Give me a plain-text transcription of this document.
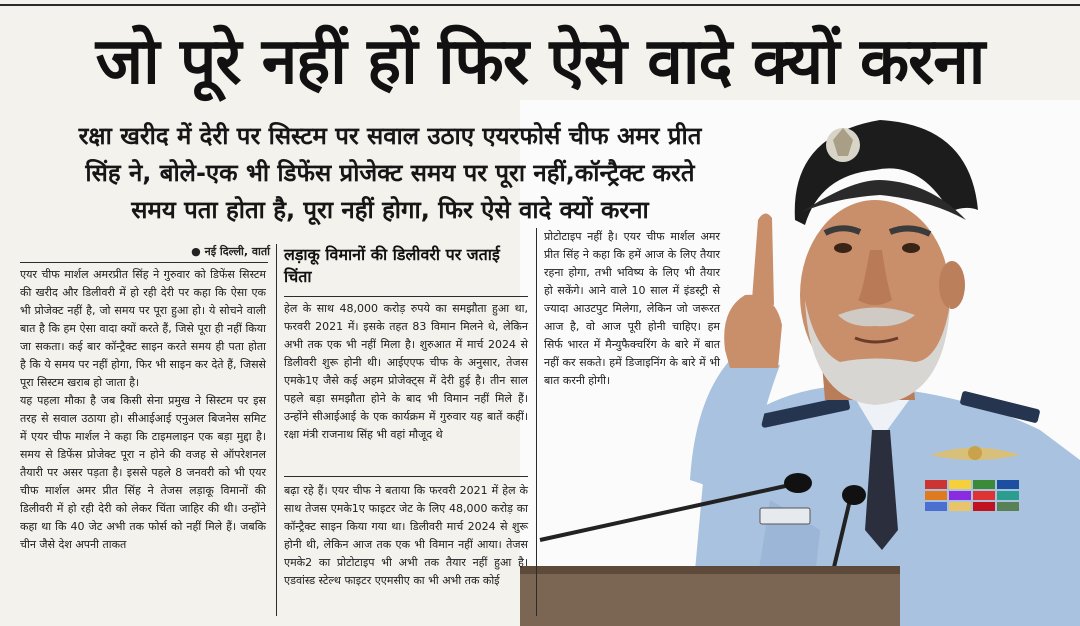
जो पूरे नहीं हों फिर ऐसे वादे क्यों करना
रक्षा खरीद में देरी पर सिस्टम पर सवाल उठाए एयरफोर्स चीफ अमर प्रीत
सिंह ने, बोले-एक भी डिफेंस प्रोजेक्ट समय पर पूरा नहीं,कॉन्ट्रैक्ट करते
समय पता होता है, पूरा नहीं होगा, फिर ऐसे वादे क्यों करना
● नई दिल्ली, वार्ता

एयर चीफ मार्शल अमरप्रीत सिंह ने गुरुवार को डिफेंस सिस्टम की खरीद और डिलीवरी में हो रही देरी पर कहा कि ऐसा एक भी प्रोजेक्ट नहीं है, जो समय पर पूरा हुआ हो। ये सोचने वाली बात है कि हम ऐसा वादा क्यों करते हैं, जिसे पूरा ही नहीं किया जा सकता। कई बार कॉन्ट्रैक्ट साइन करते समय ही पता होता है कि ये समय पर नहीं होगा, फिर भी साइन कर देते हैं, जिससे पूरा सिस्टम खराब हो जाता है।

यह पहला मौका है जब किसी सेना प्रमुख ने सिस्टम पर इस तरह से सवाल उठाया हो। सीआईआई एनुअल बिजनेस समिट में एयर चीफ मार्शल ने कहा कि टाइमलाइन एक बड़ा मुद्दा है। समय से डिफेंस प्रोजेक्ट पूरा न होने की वजह से ऑपरेशनल तैयारी पर असर पड़ता है। इससे पहले 8 जनवरी को भी एयर चीफ मार्शल अमर प्रीत सिंह ने तेजस लड़ाकू विमानों की डिलीवरी में हो रही देरी को लेकर चिंता जाहिर की थी। उन्होंने कहा था कि 40 जेट अभी तक फोर्स को नहीं मिले हैं। जबकि चीन जैसे देश अपनी ताकत

लड़ाकू विमानों की डिलीवरी पर जताई चिंता
हेल के साथ 48,000 करोड़ रुपये का समझौता हुआ था, फरवरी 2021 में। इसके तहत 83 विमान मिलने थे, लेकिन अभी तक एक भी नहीं मिला है। शुरुआत में मार्च 2024 से डिलीवरी शुरू होनी थी। आईएएफ चीफ के अनुसार, तेजस एमके1ए जैसे कई अहम प्रोजेक्ट्स में देरी हुई है। तीन साल पहले बड़ा समझौता होने के बाद भी विमान नहीं मिले हैं। उन्होंने सीआईआई के एक कार्यक्रम में गुरुवार यह बातें कहीं। रक्षा मंत्री राजनाथ सिंह भी वहां मौजूद थे
बढ़ा रहे हैं। एयर चीफ ने बताया कि फरवरी 2021 में हेल के साथ तेजस एमके1ए फाइटर जेट के लिए 48,000 करोड़ का कॉन्ट्रैक्ट साइन किया गया था। डिलीवरी मार्च 2024 से शुरू होनी थी, लेकिन आज तक एक भी विमान नहीं आया। तेजस एमके2 का प्रोटोटाइप भी अभी तक तैयार नहीं हुआ है। एडवांस्ड स्टेल्थ फाइटर एएमसीए का भी अभी तक कोई
प्रोटोटाइप नहीं है। एयर चीफ मार्शल अमर प्रीत सिंह ने कहा कि हमें आज के लिए तैयार रहना होगा, तभी भविष्य के लिए भी तैयार हो सकेंगे। आने वाले 10 साल में इंडस्ट्री से ज्यादा आउटपुट मिलेगा, लेकिन जो जरूरत आज है, वो आज पूरी होनी चाहिए। हम सिर्फ भारत में मैन्युफैक्चरिंग के बारे में बात नहीं कर सकते। हमें डिजाइनिंग के बारे में भी बात करनी होगी।
